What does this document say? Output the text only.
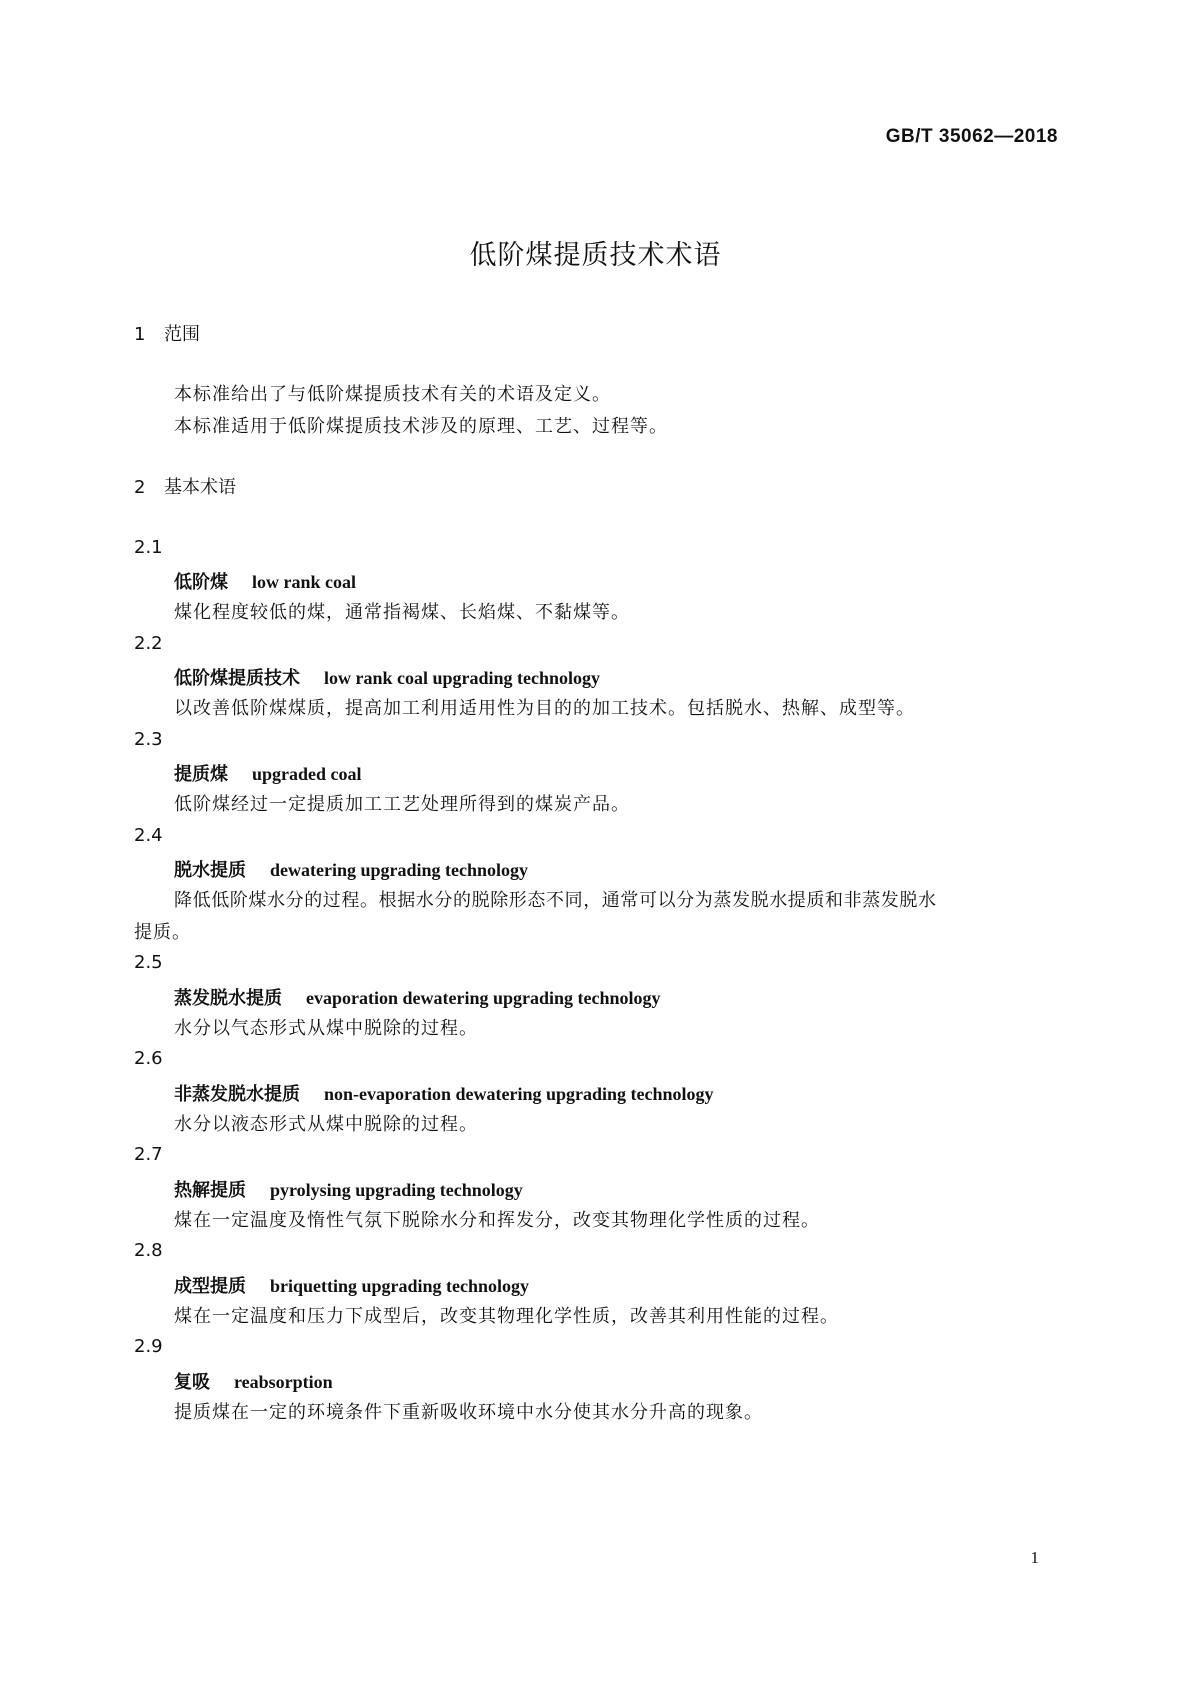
GB/T 35062—2018
低阶煤提质技术术语
1 范围
本标准给出了与低阶煤提质技术有关的术语及定义。
本标准适用于低阶煤提质技术涉及的原理、工艺、过程等。
2 基本术语
2.1
低阶煤 low rank coal
煤化程度较低的煤，通常指褐煤、长焰煤、不黏煤等。
2.2
低阶煤提质技术 low rank coal upgrading technology
以改善低阶煤煤质，提高加工利用适用性为目的的加工技术。包括脱水、热解、成型等。
2.3
提质煤 upgraded coal
低阶煤经过一定提质加工工艺处理所得到的煤炭产品。
2.4
脱水提质 dewatering upgrading technology
降低低阶煤水分的过程。根据水分的脱除形态不同，通常可以分为蒸发脱水提质和非蒸发脱水
提质。
2.5
蒸发脱水提质 evaporation dewatering upgrading technology
水分以气态形式从煤中脱除的过程。
2.6
非蒸发脱水提质 non-evaporation dewatering upgrading technology
水分以液态形式从煤中脱除的过程。
2.7
热解提质 pyrolysing upgrading technology
煤在一定温度及惰性气氛下脱除水分和挥发分，改变其物理化学性质的过程。
2.8
成型提质 briquetting upgrading technology
煤在一定温度和压力下成型后，改变其物理化学性质，改善其利用性能的过程。
2.9
复吸 reabsorption
提质煤在一定的环境条件下重新吸收环境中水分使其水分升高的现象。
1
